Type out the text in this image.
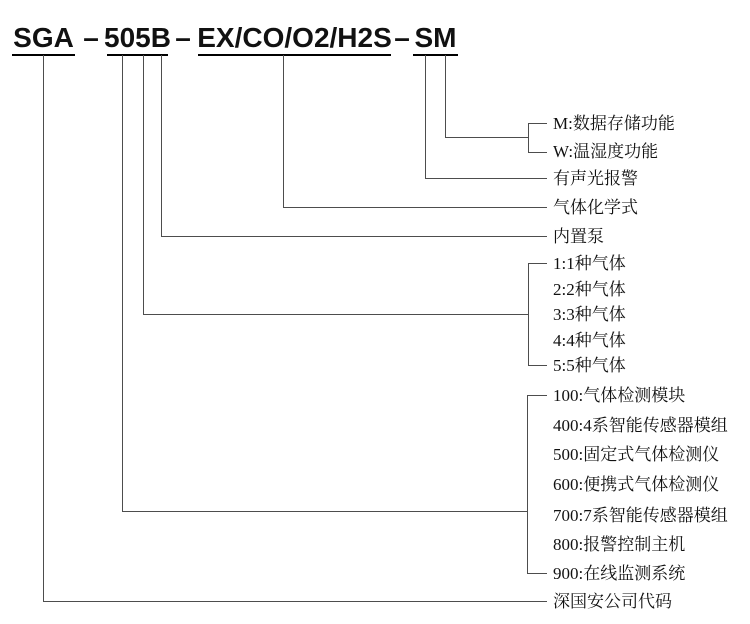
SGA – 505B – EX/CO/O2/H2S – SM
M:数据存储功能
W:温湿度功能
有声光报警
气体化学式
内置泵
1:1种气体
2:2种气体
3:3种气体
4:4种气体
5:5种气体
100:气体检测模块
400:4系智能传感器模组
500:固定式气体检测仪
600:便携式气体检测仪
700:7系智能传感器模组
800:报警控制主机
900:在线监测系统
深国安公司代码
